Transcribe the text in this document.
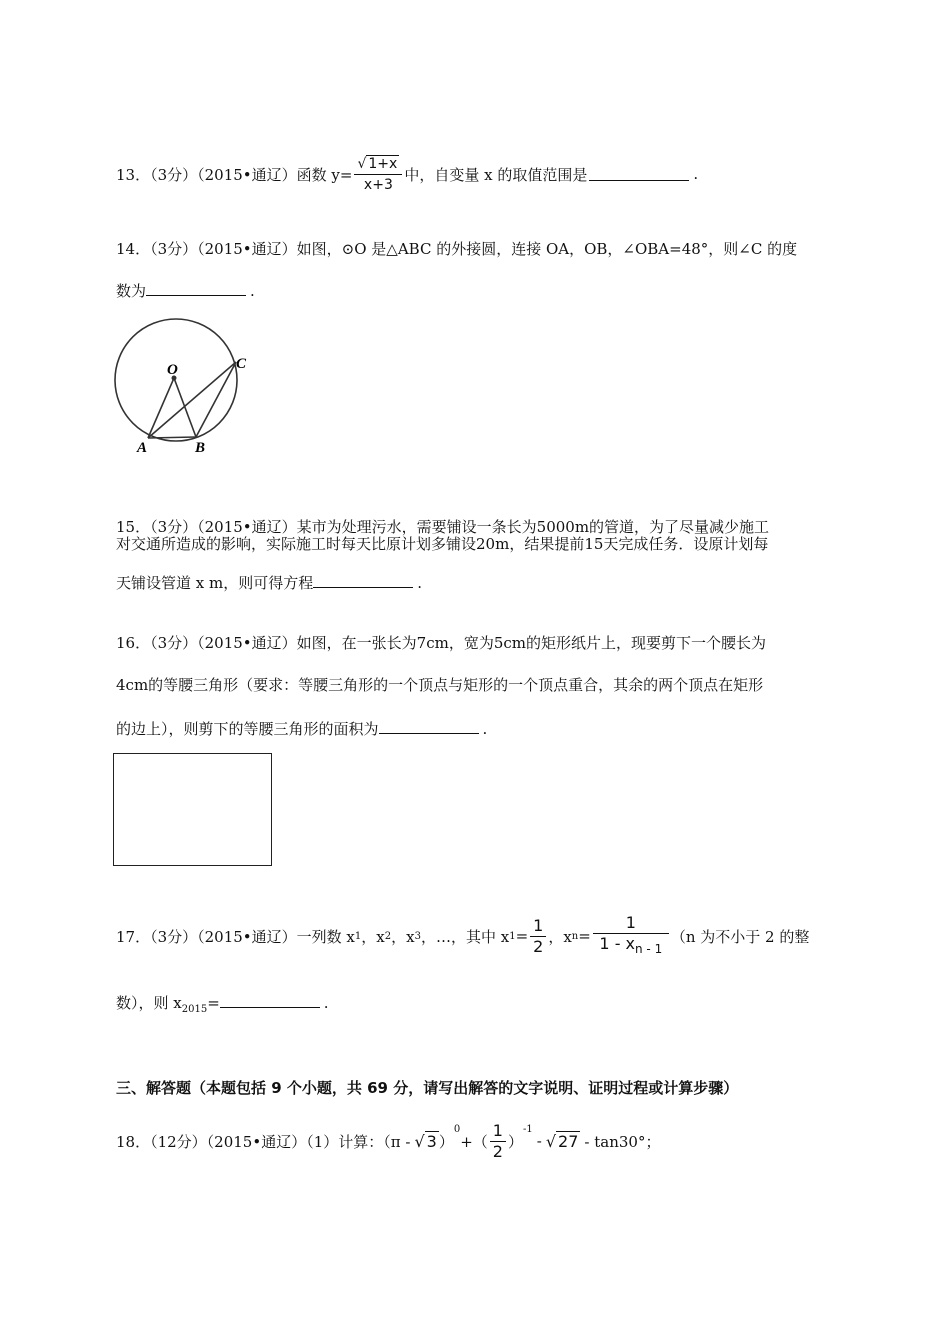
13．（3分）（2015•通辽）函数 $y= \frac{√ 1+x}{x+3}$ 中，自变量 x 的取值范围是	.
14．（3分）（2015•通辽）如图，⊙O 是△ABC 的外接圆，连接 OA，OB，∠OBA=48°，则∠C 的度
数为	.
O
A	B
C
15．（3分）（2015•通辽）某市为处理污水，需要铺设一条长为5000m的管道，为了尽量减少施工
对交通所造成的影响，实际施工时每天比原计划多铺设20m，结果提前15天完成任务．设原计划每
天铺设管道 x m，则可得方程	.
16．（3分）（2015•通辽）如图，在一张长为7cm，宽为5cm的矩形纸片上，现要剪下一个腰长为
4cm的等腰三角形（要求：等腰三角形的一个顶点与矩形的一个顶点重合，其余的两个顶点在矩形
的边上），则剪下的等腰三角形的面积为	.
17．（3分）（2015•通辽）一列数 x 1 ，x 2 ，x 3 ，…，其中 x $1 = \frac{1}{2}$ ，x $n = \frac{1}{1 - x_{n - 1}} (n$ 为不小于 2 的整
数），则 $x_{2015}=$	.
三、解答题（本题包括 9 个小题，共 69 分，请写出解答的文字说明、证明过程或计算步骤）
18．（12分）（2015•通辽）（1）计算：（π - √ 3 ）
$^0$
+（ $\frac{1}{2}$ ）
$^{-1}$
- √ 27 - tan30°；
